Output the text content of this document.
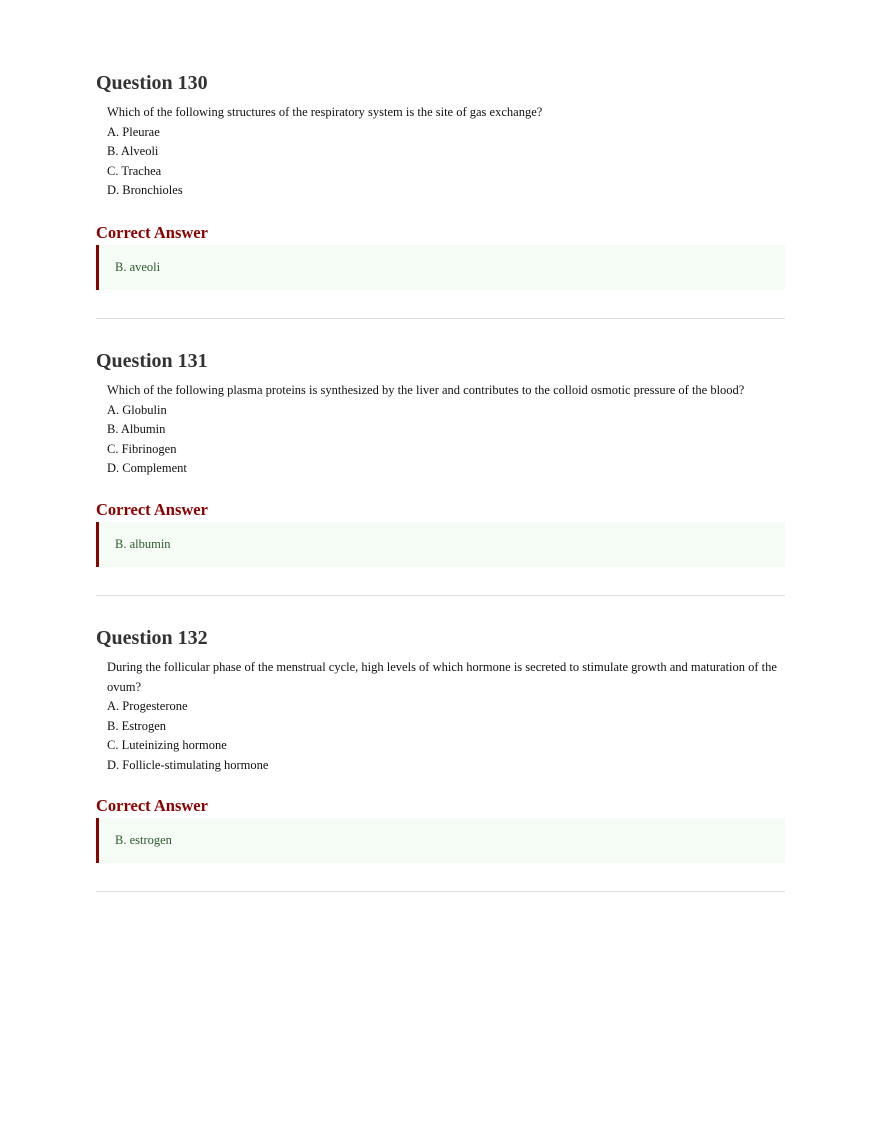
Question 130

Which of the following structures of the respiratory system is the site of gas exchange?

A. Pleurae

B. Alveoli

C. Trachea

D. Bronchioles

Correct Answer
B. aveoli
Question 131

Which of the following plasma proteins is synthesized by the liver and contributes to the colloid osmotic pressure of the blood?

A. Globulin

B. Albumin

C. Fibrinogen

D. Complement

Correct Answer
B. albumin
Question 132

During the follicular phase of the menstrual cycle, high levels of which hormone is secreted to stimulate growth and maturation of the ovum?

A. Progesterone

B. Estrogen

C. Luteinizing hormone

D. Follicle-stimulating hormone

Correct Answer
B. estrogen
